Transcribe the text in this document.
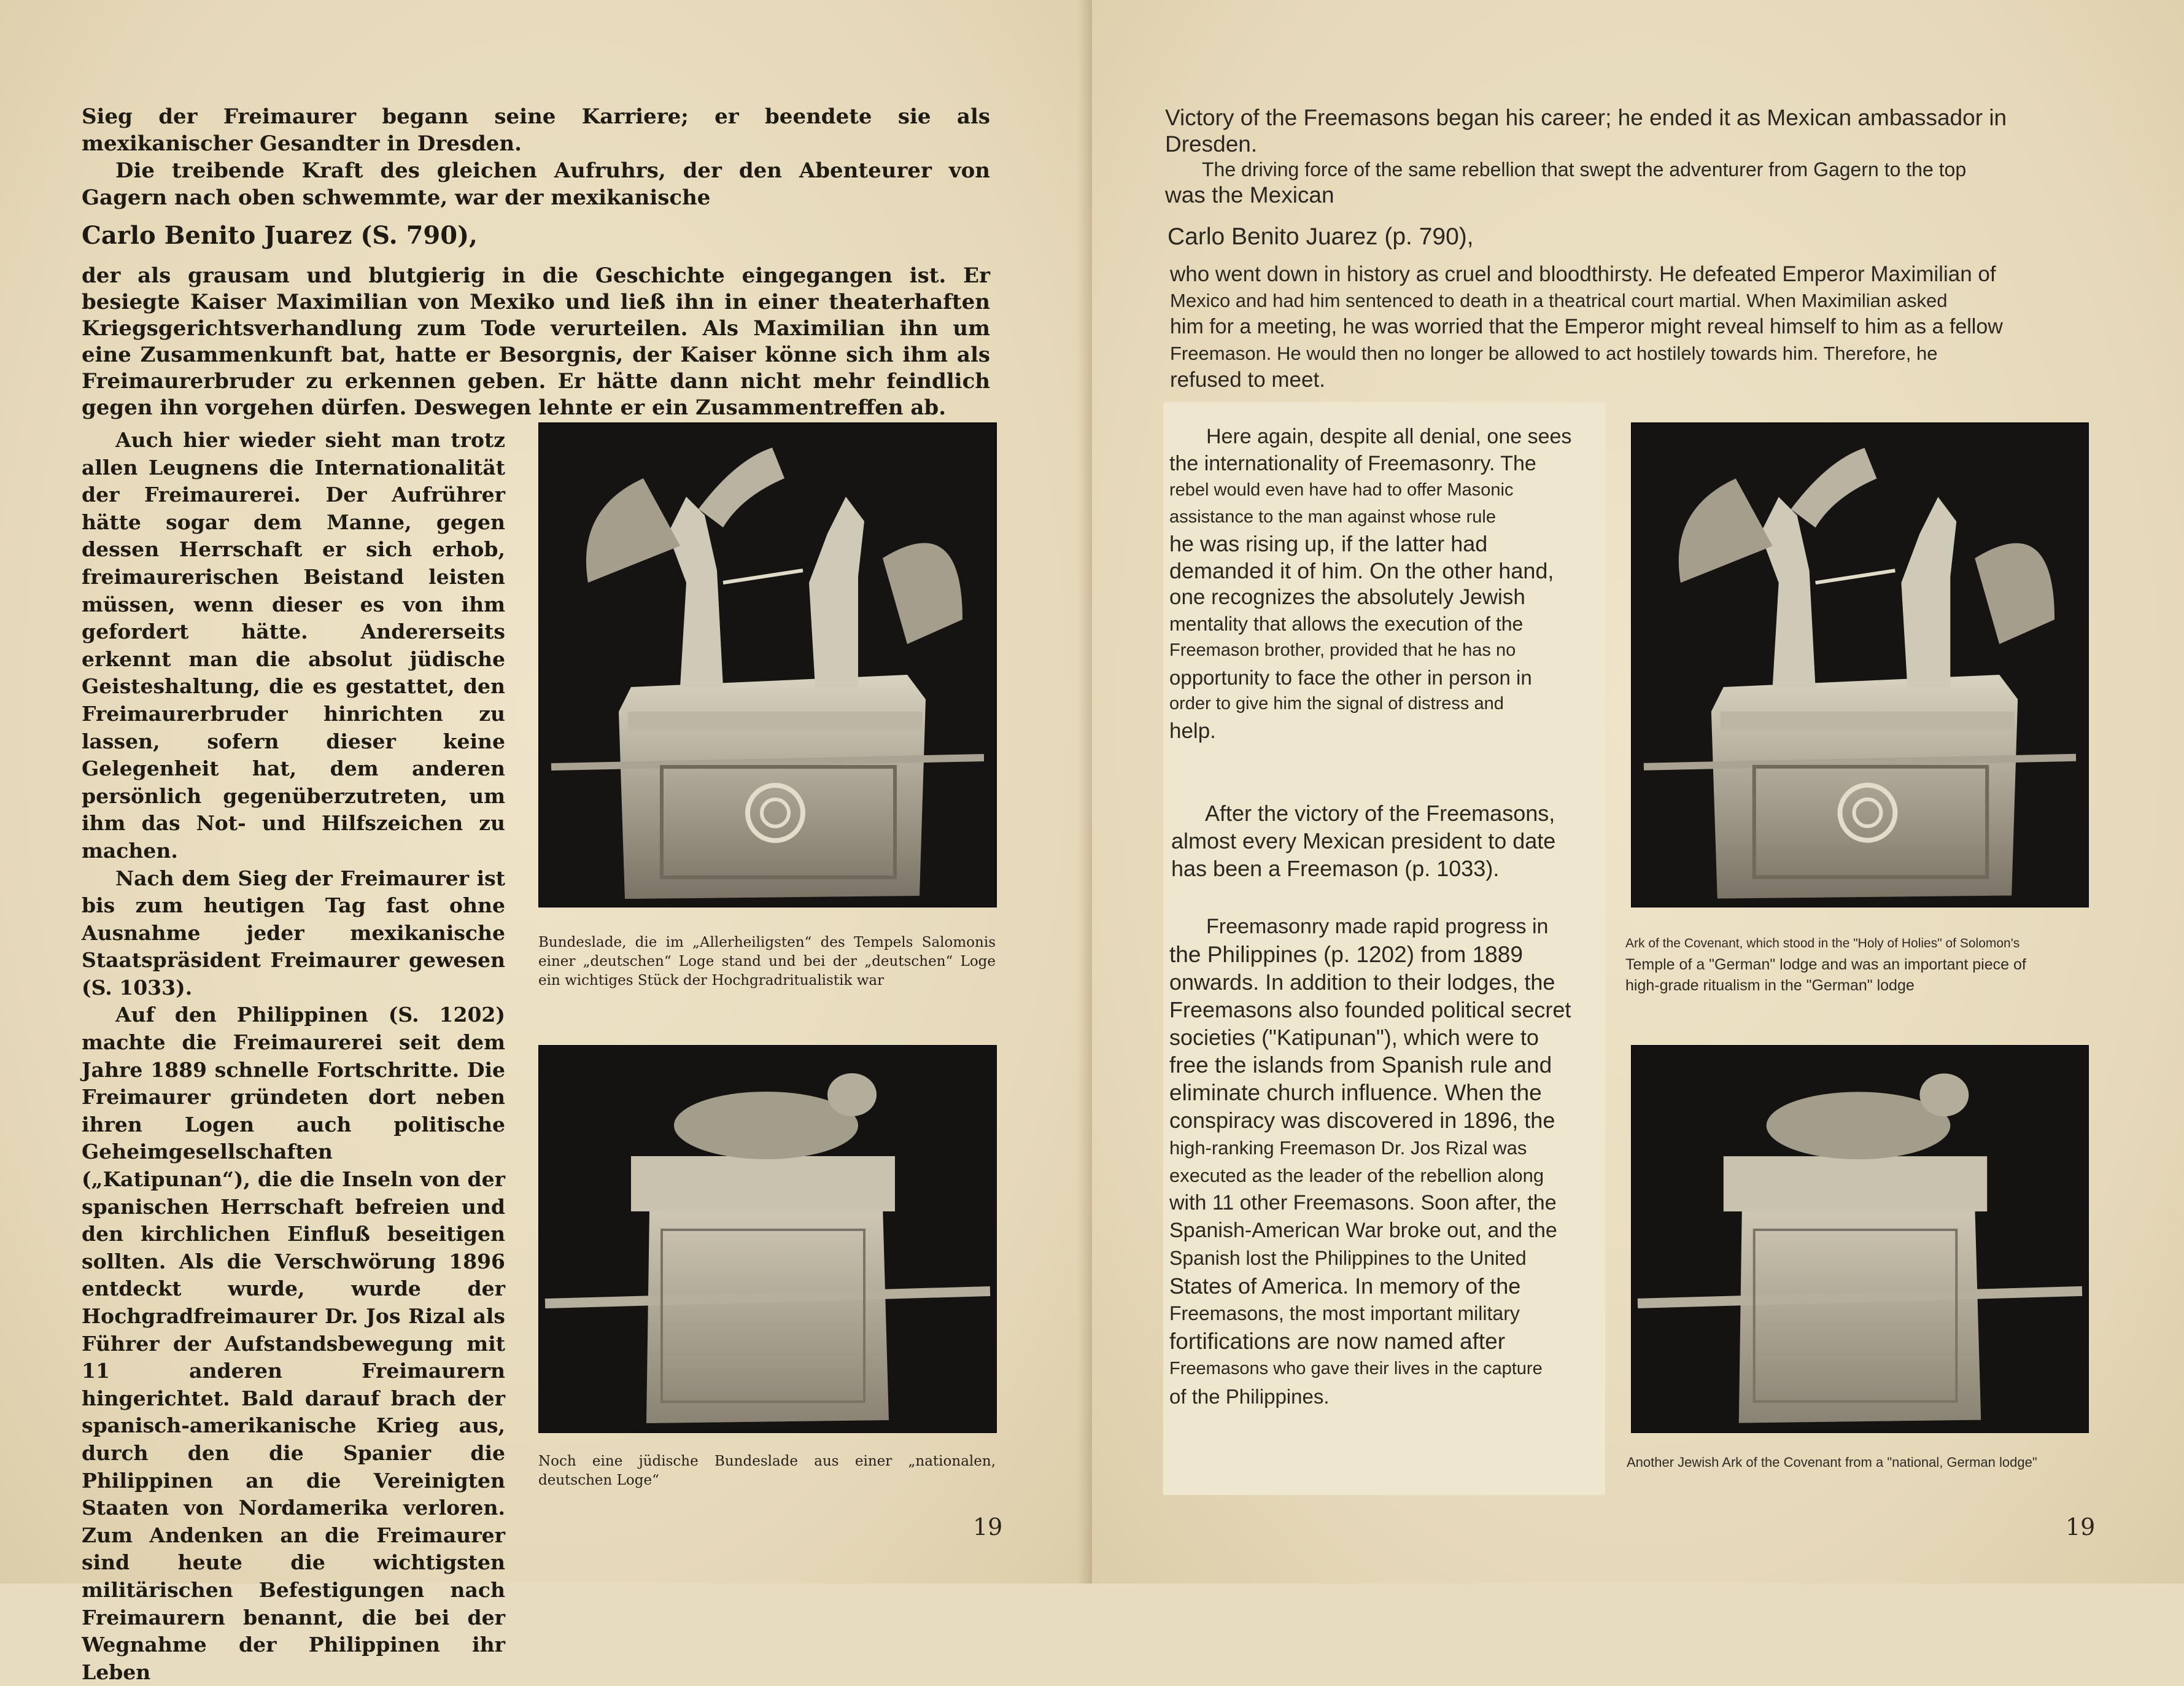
Sieg der Freimaurer begann seine Karriere; er beendete sie als mexikanischer Gesandter in Dresden.

Die treibende Kraft des gleichen Aufruhrs, der den Abenteurer von Gagern nach oben schwemmte, war der mexikanische

Carlo Benito Juarez (S. 790),
der als grausam und blutgierig in die Geschichte eingegangen ist. Er besiegte Kaiser Maximilian von Mexiko und ließ ihn in einer theaterhaften Kriegsgerichtsverhandlung zum Tode verurteilen. Als Maximilian ihn um eine Zusammenkunft bat, hatte er Besorgnis, der Kaiser könne sich ihm als Freimaurerbruder zu erkennen geben. Er hätte dann nicht mehr feindlich gegen ihn vorgehen dürfen. Deswegen lehnte er ein Zusammentreffen ab.

Auch hier wieder sieht man trotz allen Leugnens die Internationalität der Freimaurerei. Der Aufrührer hätte sogar dem Manne, gegen dessen Herrschaft er sich erhob, freimaurerischen Beistand leisten müssen, wenn dieser es von ihm gefordert hätte. Andererseits erkennt man die absolut jüdische Geisteshaltung, die es gestattet, den Freimaurerbruder hinrichten zu lassen, sofern dieser keine Gelegenheit hat, dem anderen persönlich gegenüberzutreten, um ihm das Not- und Hilfszeichen zu machen.

Nach dem Sieg der Freimaurer ist bis zum heutigen Tag fast ohne Ausnahme jeder mexikanische Staatspräsident Freimaurer gewesen (S. 1033).

Auf den Philippinen (S. 1202) machte die Freimaurerei seit dem Jahre 1889 schnelle Fortschritte. Die Freimaurer gründeten dort neben ihren Logen auch politische Geheimgesellschaften („Katipunan“), die die Inseln von der spanischen Herrschaft befreien und den kirchlichen Einfluß beseitigen sollten. Als die Verschwörung 1896 entdeckt wurde, wurde der Hochgradfreimaurer Dr. Jos Rizal als Führer der Aufstandsbewegung mit 11 anderen Freimaurern hingerichtet. Bald darauf brach der spanisch-amerikanische Krieg aus, durch den die Spanier die Philippinen an die Vereinigten Staaten von Nordamerika verloren. Zum Andenken an die Freimaurer sind heute die wichtigsten militärischen Befestigungen nach Freimaurern benannt, die bei der Wegnahme der Philippinen ihr Leben

Bundeslade, die im „Allerheiligsten“ des Tempels Salomonis einer „deutschen“ Loge stand und bei der „deutschen“ Loge ein wichtiges Stück der Hochgradritualistik war
Noch eine jüdische Bundeslade aus einer „nationalen, deutschen Loge“
19

Victory of the Freemasons began his career; he ended it as Mexican ambassador in Dresden.

The driving force of the same rebellion that swept the adventurer from Gagern to the top

was the Mexican

Carlo Benito Juarez (p. 790),

who went down in history as cruel and bloodthirsty. He defeated Emperor Maximilian of

Mexico and had him sentenced to death in a theatrical court martial. When Maximilian asked

him for a meeting, he was worried that the Emperor might reveal himself to him as a fellow

Freemason. He would then no longer be allowed to act hostilely towards him. Therefore, he

refused to meet.

Here again, despite all denial, one sees

the internationality of Freemasonry. The

rebel would even have had to offer Masonic

assistance to the man against whose rule

he was rising up, if the latter had

demanded it of him. On the other hand,

one recognizes the absolutely Jewish

mentality that allows the execution of the

Freemason brother, provided that he has no

opportunity to face the other in person in

order to give him the signal of distress and

help.

After the victory of the Freemasons,

almost every Mexican president to date

has been a Freemason (p. 1033).

Freemasonry made rapid progress in

the Philippines (p. 1202) from 1889

onwards. In addition to their lodges, the

Freemasons also founded political secret

societies ("Katipunan"), which were to

free the islands from Spanish rule and

eliminate church influence. When the

conspiracy was discovered in 1896, the

high-ranking Freemason Dr. Jos Rizal was

executed as the leader of the rebellion along

with 11 other Freemasons. Soon after, the

Spanish-American War broke out, and the

Spanish lost the Philippines to the United

States of America. In memory of the

Freemasons, the most important military

fortifications are now named after

Freemasons who gave their lives in the capture

of the Philippines.

Ark of the Covenant, which stood in the "Holy of Holies" of Solomon's
Temple of a "German" lodge and was an important piece of
high-grade ritualism in the "German" lodge
Another Jewish Ark of the Covenant from a "national, German lodge"
19
